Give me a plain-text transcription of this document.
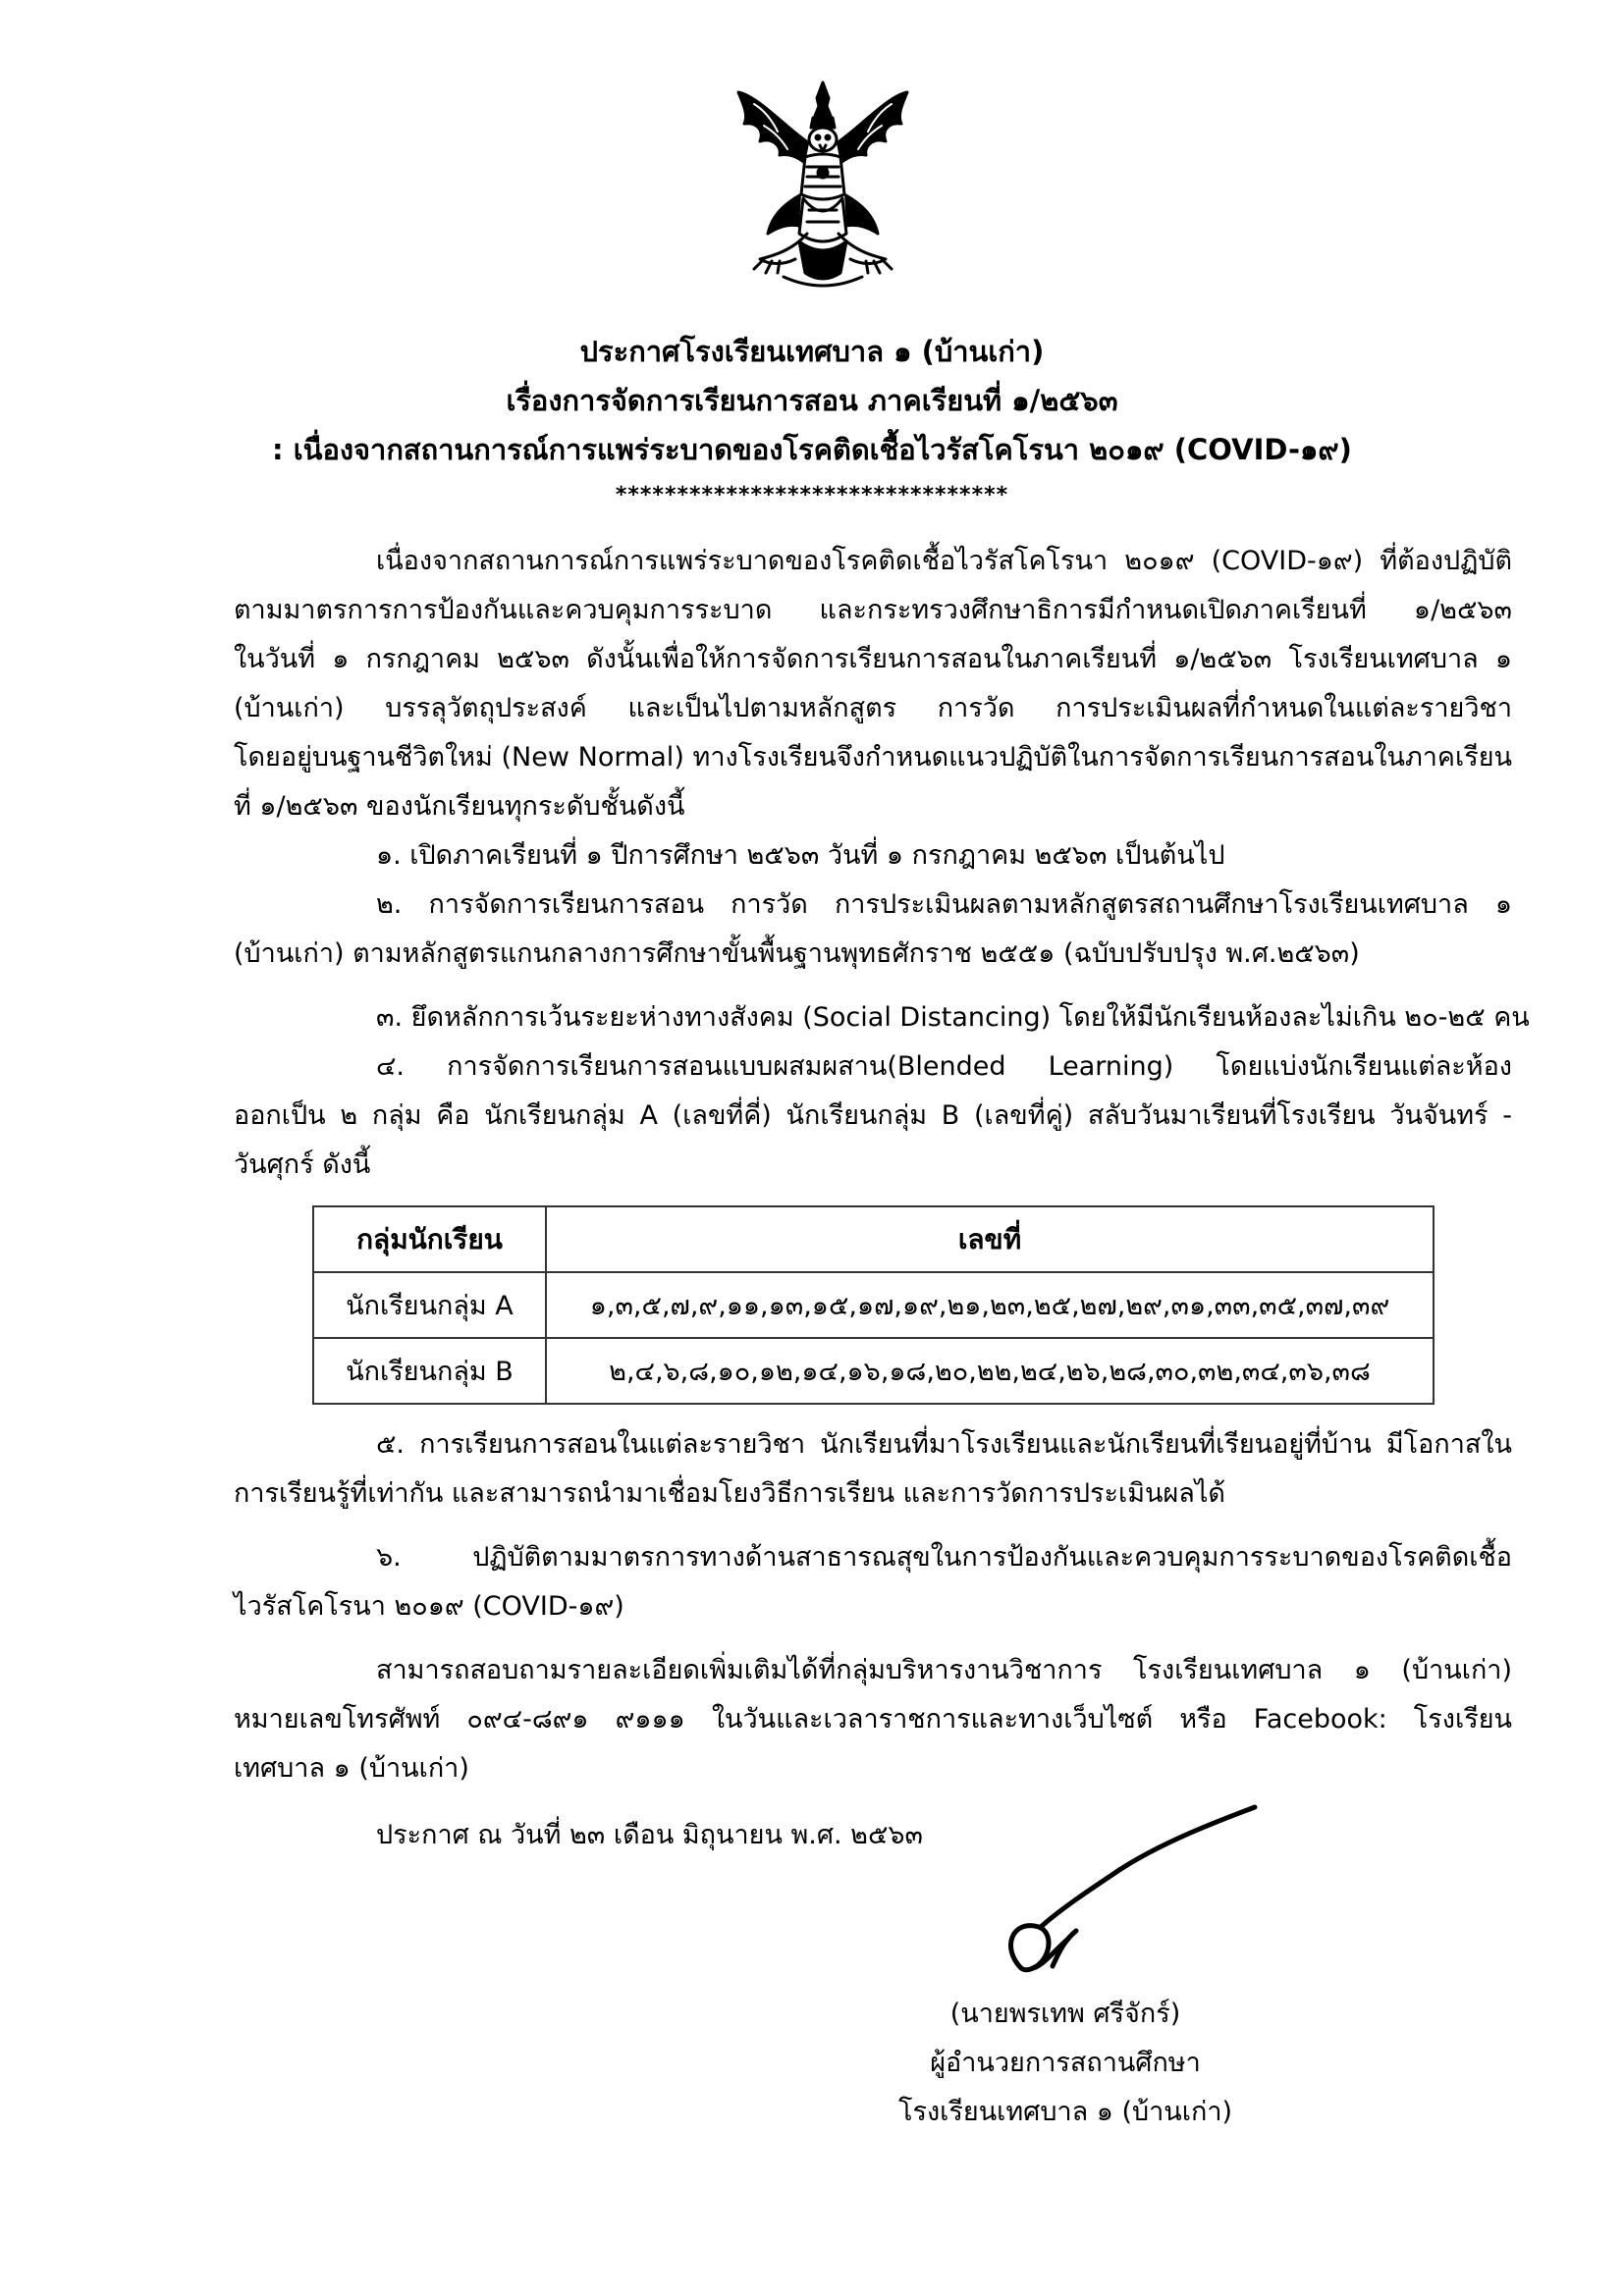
ประกาศโรงเรียนเทศบาล ๑ (บ้านเก่า)
เรื่องการจัดการเรียนการสอน ภาคเรียนที่ ๑/๒๕๖๓
: เนื่องจากสถานการณ์การแพร่ระบาดของโรคติดเชื้อไวรัสโคโรนา ๒๐๑๙ (COVID-๑๙)
********************************
เนื่องจากสถานการณ์การแพร่ระบาดของโรคติดเชื้อไวรัสโคโรนา ๒๐๑๙ (COVID-๑๙) ที่ต้องปฏิบัติ
ตามมาตรการการป้องกันและควบคุมการระบาด และกระทรวงศึกษาธิการมีกำหนดเปิดภาคเรียนที่ ๑/๒๕๖๓
ในวันที่ ๑ กรกฎาคม ๒๕๖๓ ดังนั้นเพื่อให้การจัดการเรียนการสอนในภาคเรียนที่ ๑/๒๕๖๓ โรงเรียนเทศบาล ๑
(บ้านเก่า) บรรลุวัตถุประสงค์ และเป็นไปตามหลักสูตร การวัด การประเมินผลที่กำหนดในแต่ละรายวิชา
โดยอยู่บนฐานชีวิตใหม่ (New Normal) ทางโรงเรียนจึงกำหนดแนวปฏิบัติในการจัดการเรียนการสอนในภาคเรียน
ที่ ๑/๒๕๖๓ ของนักเรียนทุกระดับชั้นดังนี้
๑. เปิดภาคเรียนที่ ๑ ปีการศึกษา ๒๕๖๓ วันที่ ๑ กรกฎาคม ๒๕๖๓ เป็นต้นไป
๒. การจัดการเรียนการสอน การวัด การประเมินผลตามหลักสูตรสถานศึกษาโรงเรียนเทศบาล ๑
(บ้านเก่า) ตามหลักสูตรแกนกลางการศึกษาขั้นพื้นฐานพุทธศักราช ๒๕๕๑ (ฉบับปรับปรุง พ.ศ.๒๕๖๓)
๓. ยึดหลักการเว้นระยะห่างทางสังคม (Social Distancing) โดยให้มีนักเรียนห้องละไม่เกิน ๒๐-๒๕ คน
๔. การจัดการเรียนการสอนแบบผสมผสาน(Blended Learning) โดยแบ่งนักเรียนแต่ละห้อง
ออกเป็น ๒ กลุ่ม คือ นักเรียนกลุ่ม A (เลขที่คี่) นักเรียนกลุ่ม B (เลขที่คู่) สลับวันมาเรียนที่โรงเรียน วันจันทร์ -
วันศุกร์ ดังนี้
กลุ่มนักเรียน	เลขที่
นักเรียนกลุ่ม A	๑,๓,๕,๗,๙,๑๑,๑๓,๑๕,๑๗,๑๙,๒๑,๒๓,๒๕,๒๗,๒๙,๓๑,๓๓,๓๕,๓๗,๓๙
นักเรียนกลุ่ม B	๒,๔,๖,๘,๑๐,๑๒,๑๔,๑๖,๑๘,๒๐,๒๒,๒๔,๒๖,๒๘,๓๐,๓๒,๓๔,๓๖,๓๘
๕. การเรียนการสอนในแต่ละรายวิชา นักเรียนที่มาโรงเรียนและนักเรียนที่เรียนอยู่ที่บ้าน มีโอกาสใน
การเรียนรู้ที่เท่ากัน และสามารถนำมาเชื่อมโยงวิธีการเรียน และการวัดการประเมินผลได้
๖. ปฏิบัติตามมาตรการทางด้านสาธารณสุขในการป้องกันและควบคุมการระบาดของโรคติดเชื้อ
ไวรัสโคโรนา ๒๐๑๙ (COVID-๑๙)
สามารถสอบถามรายละเอียดเพิ่มเติมได้ที่กลุ่มบริหารงานวิชาการ โรงเรียนเทศบาล ๑ (บ้านเก่า)
หมายเลขโทรศัพท์ ๐๙๔-๘๙๑ ๙๑๑๑ ในวันและเวลาราชการและทางเว็บไซต์ หรือ Facebook: โรงเรียน
เทศบาล ๑ (บ้านเก่า)
ประกาศ ณ วันที่ ๒๓ เดือน มิถุนายน พ.ศ. ๒๕๖๓
(นายพรเทพ ศรีจักร์)
ผู้อำนวยการสถานศึกษา
โรงเรียนเทศบาล ๑ (บ้านเก่า)
